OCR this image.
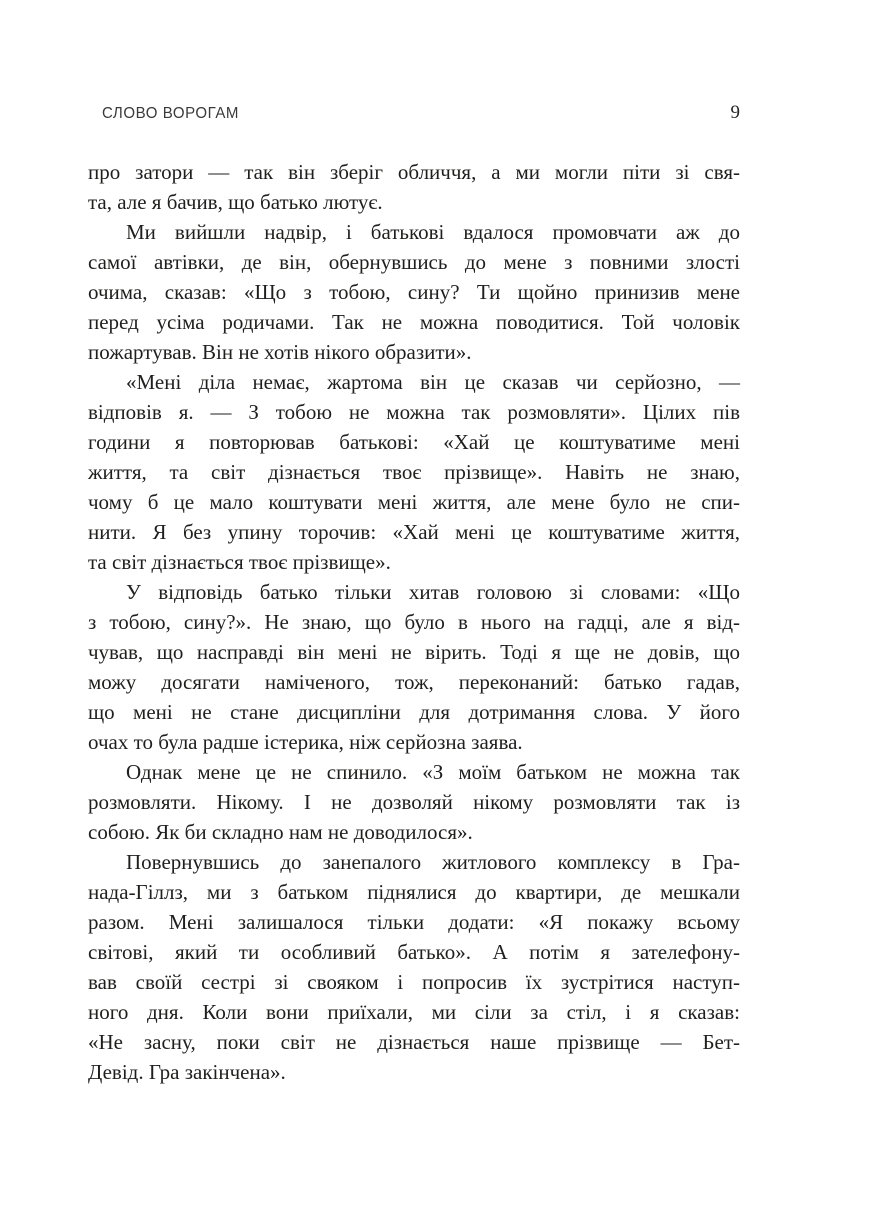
СЛОВО ВОРОГАМ	9
про затори — так він зберіг обличчя, а ми могли піти зі свя-
та, але я бачив, що батько лютує.
Ми вийшли надвір, і батькові вдалося промовчати аж до
самої автівки, де він, обернувшись до мене з повними злості
очима, сказав: «Що з тобою, сину? Ти щойно принизив мене
перед усіма родичами. Так не можна поводитися. Той чоловік
пожартував. Він не хотів нікого образити».
«Мені діла немає, жартома він це сказав чи серйозно, —
відповів я. — З тобою не можна так розмовляти». Цілих пів
години я повторював батькові: «Хай це коштуватиме мені
життя, та світ дізнається твоє прізвище». Навіть не знаю,
чому б це мало коштувати мені життя, але мене було не спи-
нити. Я без упину торочив: «Хай мені це коштуватиме життя,
та світ дізнається твоє прізвище».
У відповідь батько тільки хитав головою зі словами: «Що
з тобою, сину?». Не знаю, що було в нього на гадці, але я від-
чував, що насправді він мені не вірить. Тоді я ще не довів, що
можу досягати наміченого, тож, переконаний: батько гадав,
що мені не стане дисципліни для дотримання слова. У його
очах то була радше істерика, ніж серйозна заява.
Однак мене це не спинило. «З моїм батьком не можна так
розмовляти. Нікому. І не дозволяй нікому розмовляти так із
собою. Як би складно нам не доводилося».
Повернувшись до занепалого житлового комплексу в Гра-
нада-Гіллз, ми з батьком піднялися до квартири, де мешкали
разом. Мені залишалося тільки додати: «Я покажу всьому
світові, який ти особливий батько». А потім я зателефону-
вав своїй сестрі зі свояком і попросив їх зустрітися наступ-
ного дня. Коли вони приїхали, ми сіли за стіл, і я сказав:
«Не засну, поки світ не дізнається наше прізвище — Бет-
Девід. Гра закінчена».
